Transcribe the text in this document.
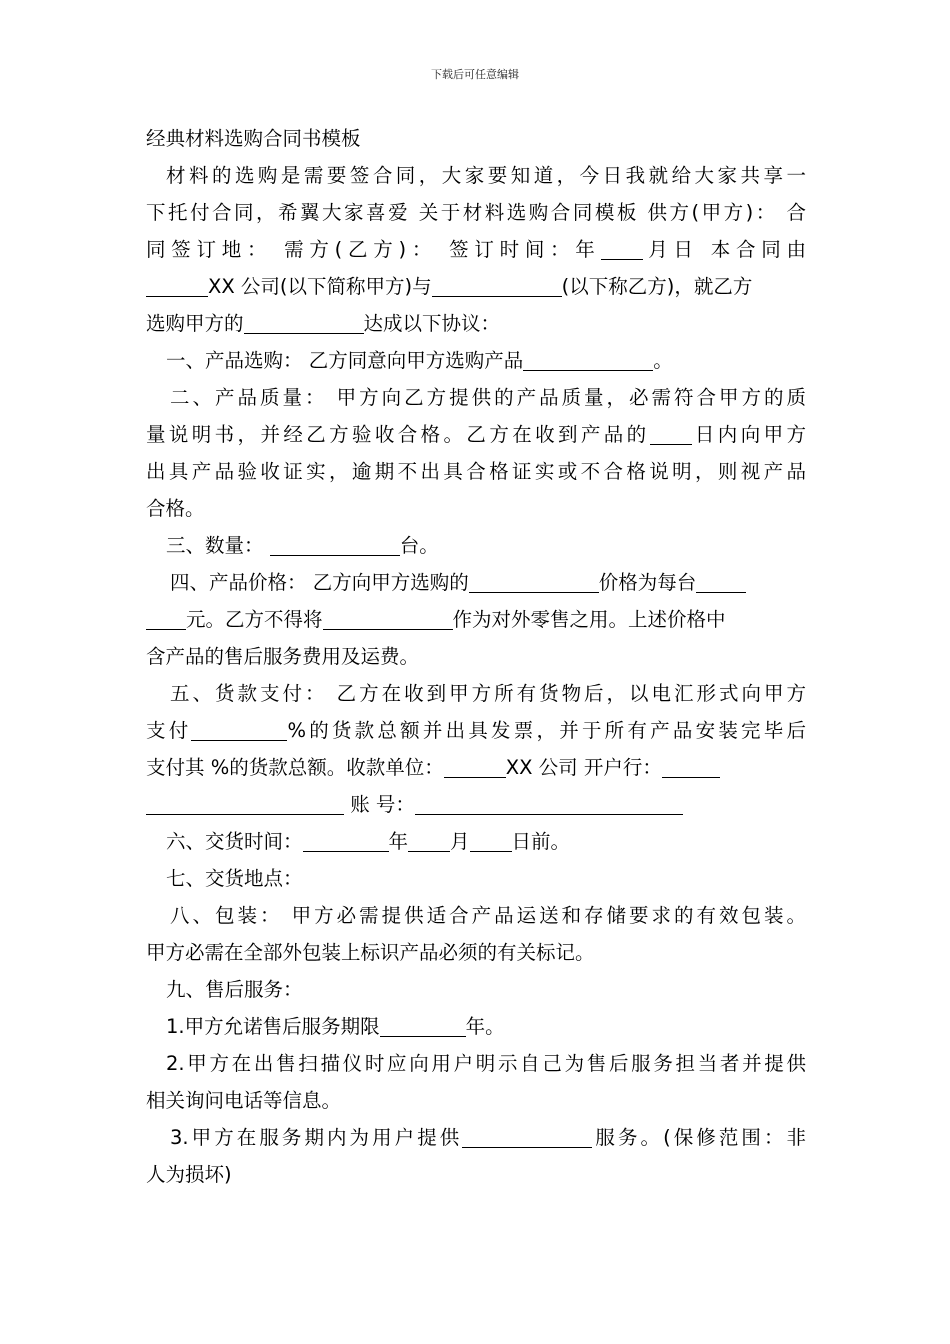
下载后可任意编辑
经典材料选购合同书模板
材料的选购是需要签合同，大家要知道，今日我就给大家共享一
下托付合同，希翼大家喜爱 关于材料选购合同模板 供方(甲方)： 合
同签订地： 需方(乙方)： 签订时间：年 月日 本合同由
XX 公司(以下简称甲方)与	(以下称乙方)，就乙方
选购甲方的	达成以下协议：
一、产品选购： 乙方同意向甲方选购产品	。
二、产品质量： 甲方向乙方提供的产品质量，必需符合甲方的质
量说明书，并经乙方验收合格。乙方在收到产品的 日内向甲方
出具产品验收证实，逾期不出具合格证实或不合格说明，则视产品
合格。
三、数量：	台。
四、产品价格： 乙方向甲方选购的	价格为每台
元。乙方不得将	作为对外零售之用。上述价格中
含产品的售后服务费用及运费。
五、货款支付： 乙方在收到甲方所有货物后，以电汇形式向甲方
支付	%的货款总额并出具发票，并于所有产品安装完毕后
支付其 %的货款总额。收款单位：	XX 公司 开户行：
账 号：
六、交货时间：	年 月 日前。
七、交货地点：
八、包装： 甲方必需提供适合产品运送和存储要求的有效包装。
甲方必需在全部外包装上标识产品必须的有关标记。
九、售后服务：
1.甲方允诺售后服务期限	年。
2.甲方在出售扫描仪时应向用户明示自己为售后服务担当者并提供
相关询问电话等信息。
3.甲方在服务期内为用户提供	服务。(保修范围：非
人为损坏)
